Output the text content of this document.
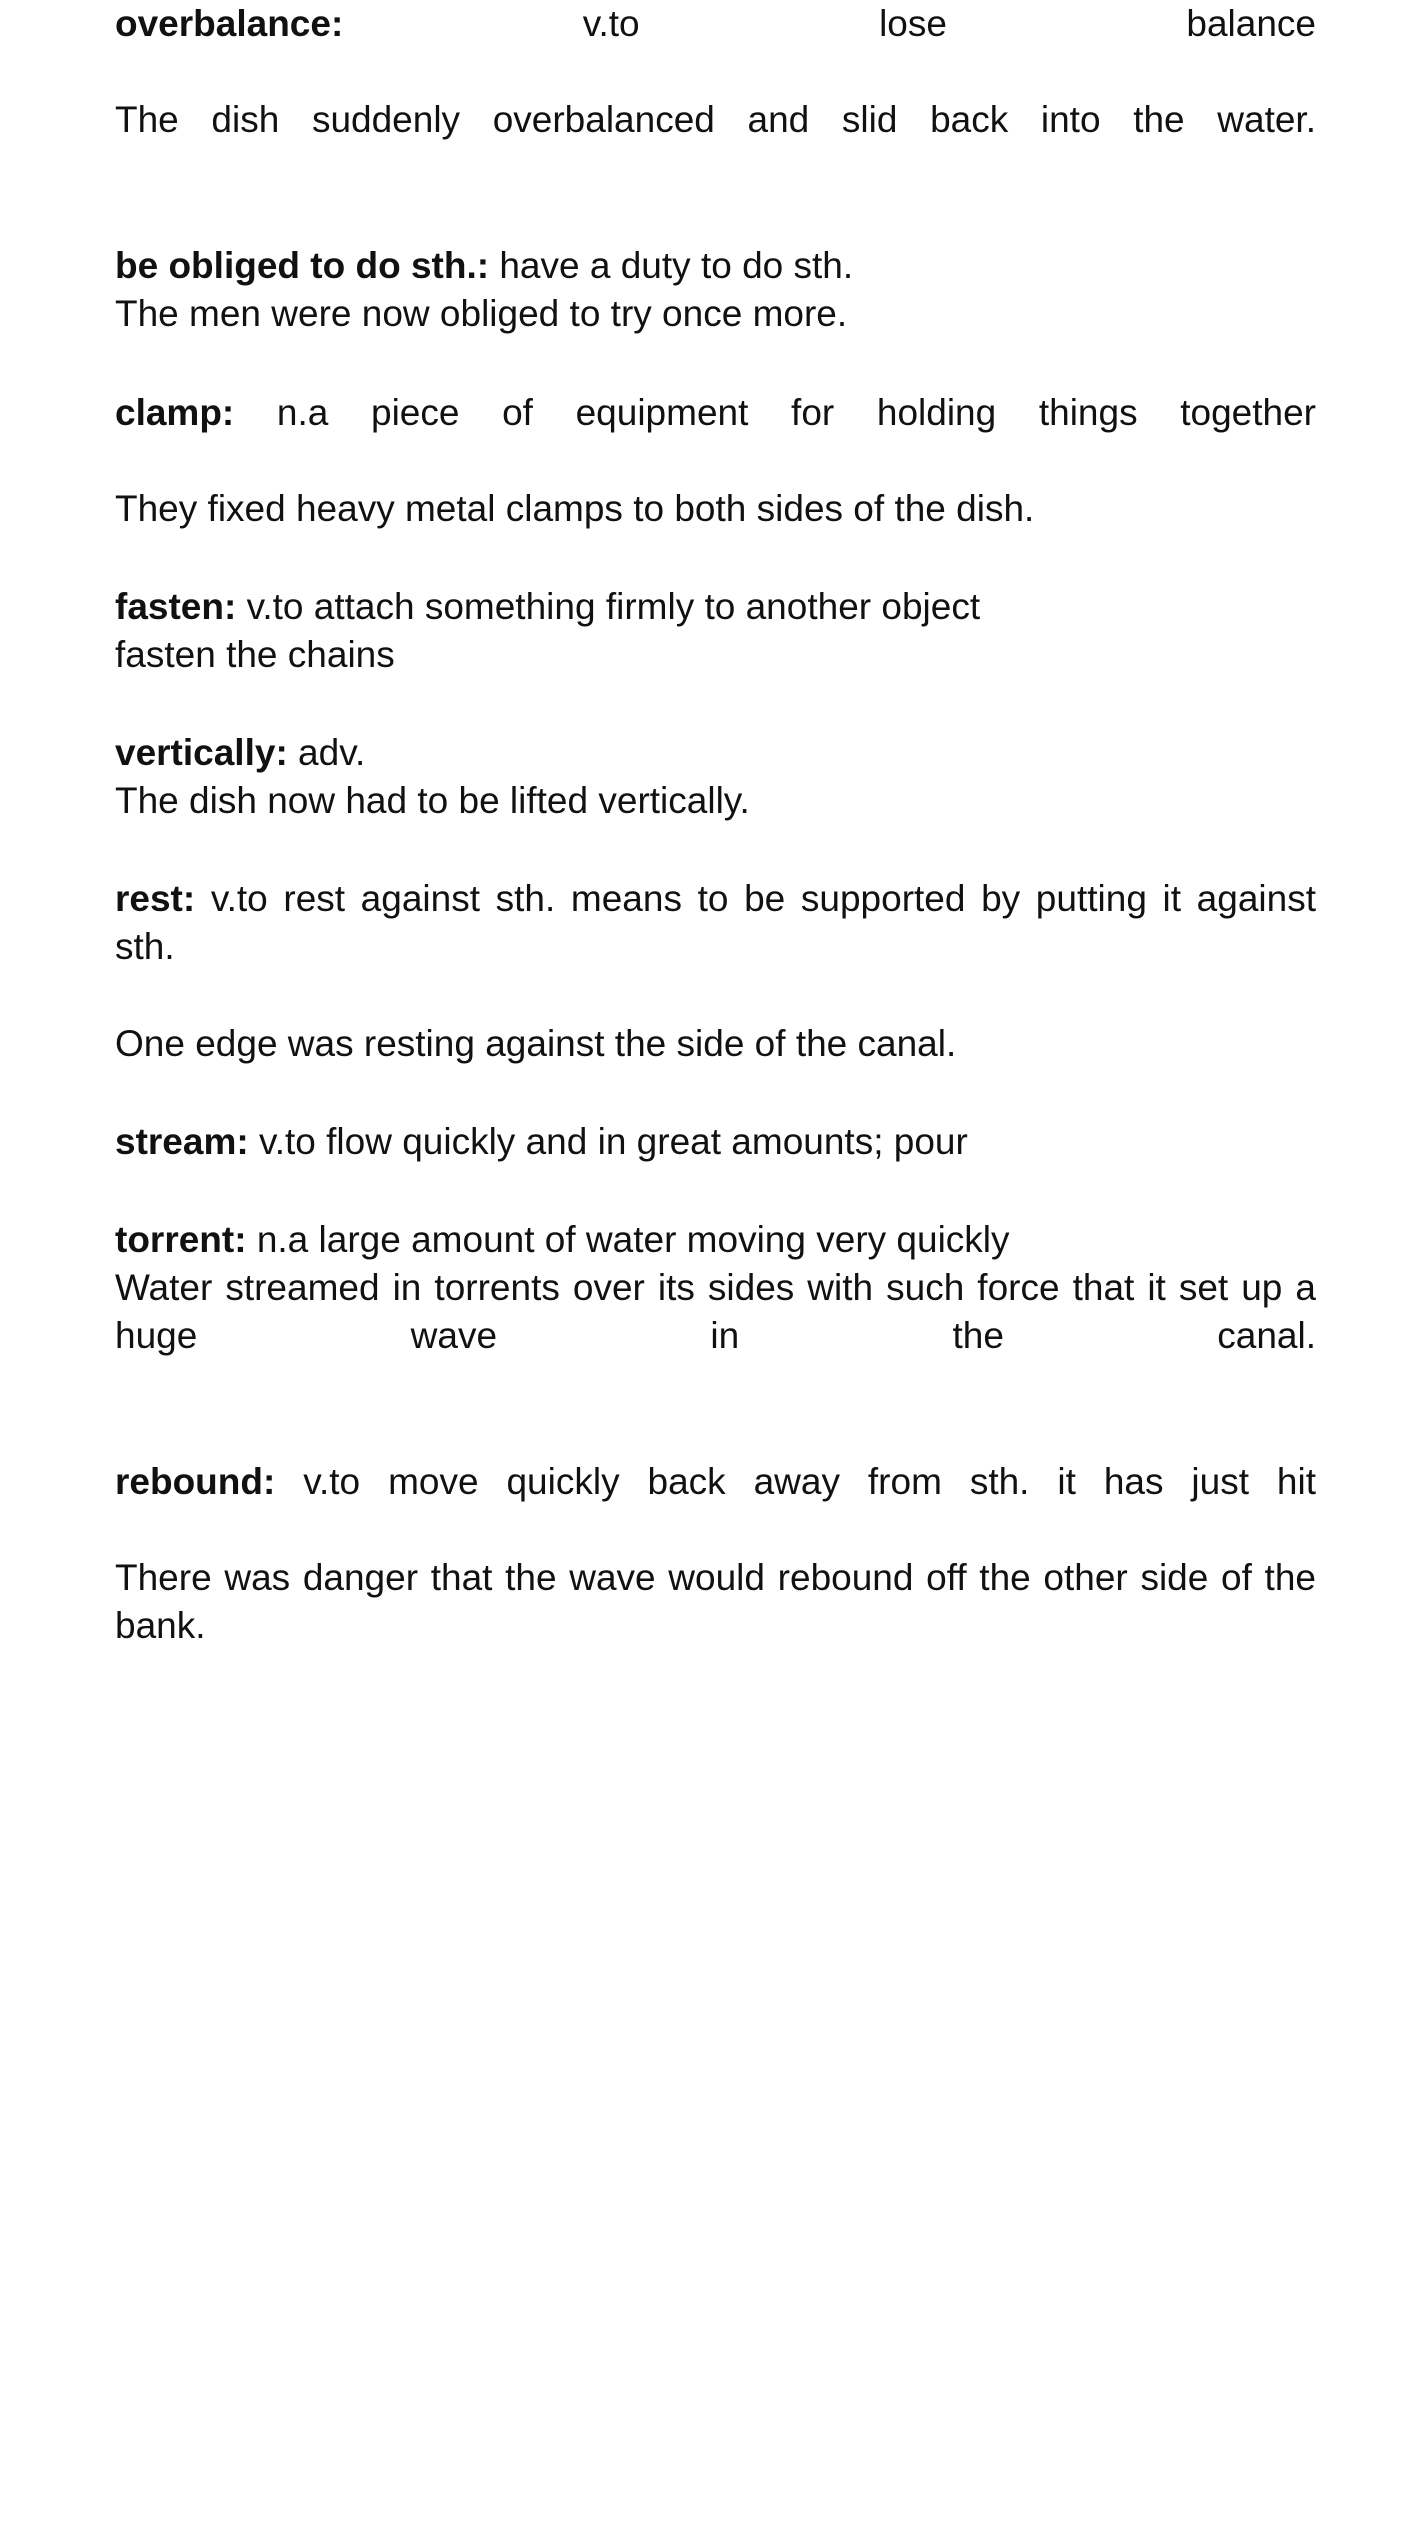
overbalance: v.to lose balance

The dish suddenly overbalanced and slid back into the water.

be obliged to do sth.: have a duty to do sth.

The men were now obliged to try once more.

clamp: n.a piece of equipment for holding things together

They fixed heavy metal clamps to both sides of the dish.

fasten: v.to attach something firmly to another object

fasten the chains

vertically: adv.

The dish now had to be lifted vertically.

rest: v.to rest against sth. means to be supported by putting it against sth.

One edge was resting against the side of the canal.

stream: v.to flow quickly and in great amounts; pour

torrent: n.a large amount of water moving very quickly

Water streamed in torrents over its sides with such force that it set up a huge wave in the canal.

rebound: v.to move quickly back away from sth. it has just hit

There was danger that the wave would rebound off the other side of the bank.
